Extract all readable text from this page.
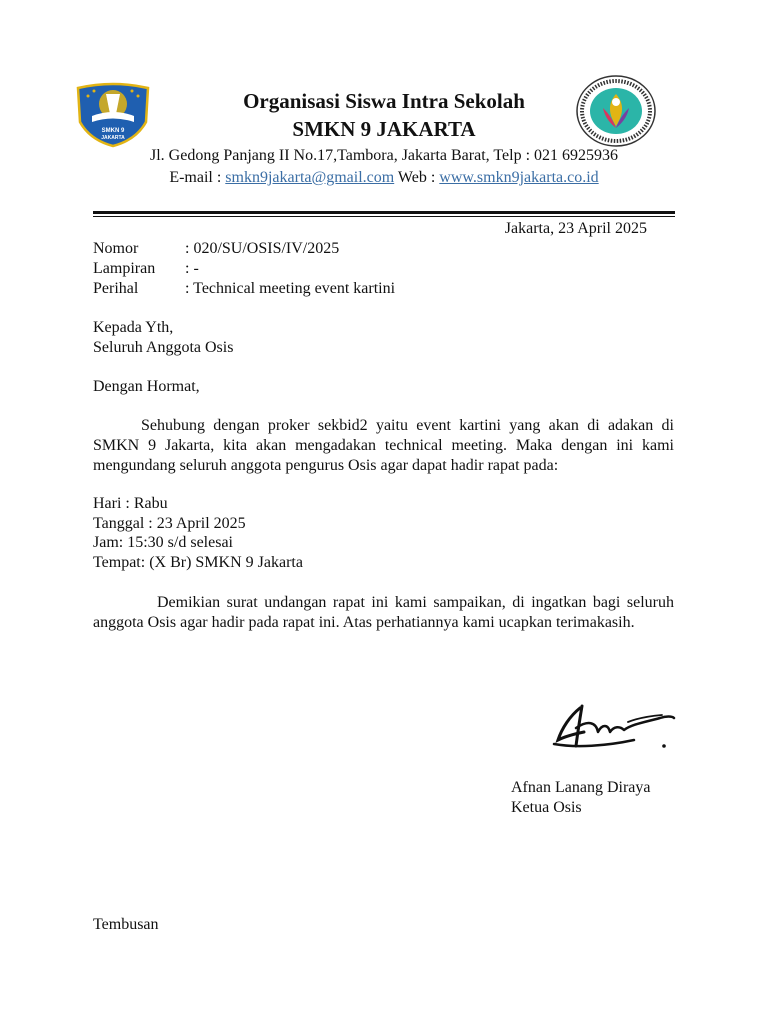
SMKN 9
JAKARTA
Organisasi Siswa Intra Sekolah
SMKN 9 JAKARTA
Jl. Gedong Panjang II No.17,Tambora, Jakarta Barat, Telp : 021 6925936
E-mail : smkn9jakarta@gmail.com Web : www.smkn9jakarta.co.id
Jakarta, 23 April 2025
Nomor	: 020/SU/OSIS/IV/2025
Lampiran	: -
Perihal	: Technical meeting event kartini
Kepada Yth,
Seluruh Anggota Osis
Dengan Hormat,
Sehubung dengan proker sekbid2 yaitu event kartini yang akan di adakan di SMKN 9 Jakarta, kita akan mengadakan technical meeting. Maka dengan ini kami mengundang seluruh anggota pengurus Osis agar dapat hadir rapat pada:
Hari : Rabu
Tanggal : 23 April 2025
Jam: 15:30 s/d selesai
Tempat: (X Br) SMKN 9 Jakarta
Demikian surat undangan rapat ini kami sampaikan, di ingatkan bagi seluruh anggota Osis agar hadir pada rapat ini. Atas perhatiannya kami ucapkan terimakasih.
Afnan Lanang Diraya
Ketua Osis
Tembusan
